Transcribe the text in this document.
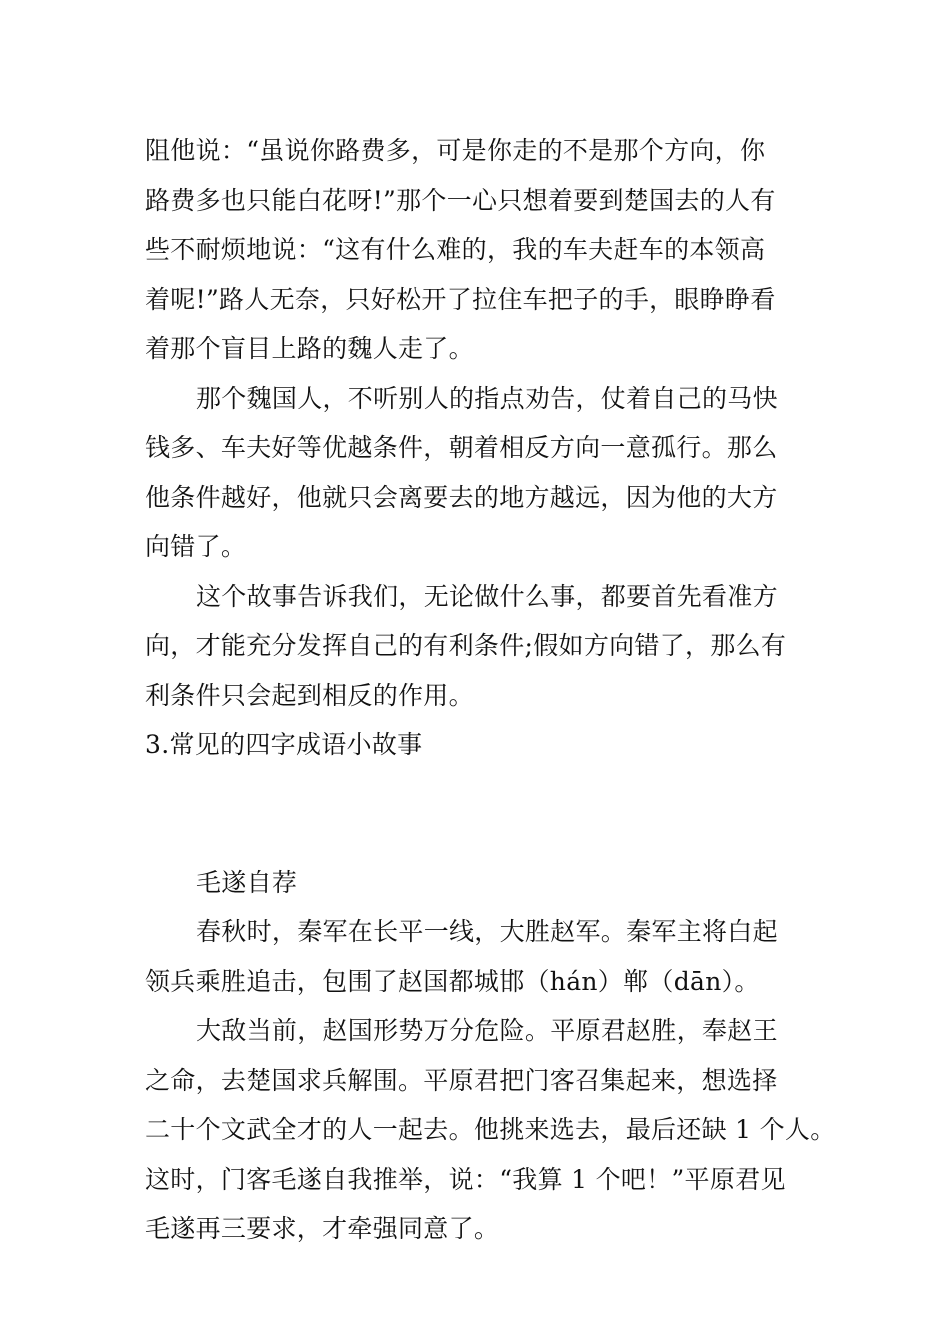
阻他说：“虽说你路费多，可是你走的不是那个方向，你
路费多也只能白花呀!”那个一心只想着要到楚国去的人有
些不耐烦地说：“这有什么难的，我的车夫赶车的本领高
着呢!”路人无奈，只好松开了拉住车把子的手，眼睁睁看
着那个盲目上路的魏人走了。
那个魏国人，不听别人的指点劝告，仗着自己的马快
钱多、车夫好等优越条件，朝着相反方向一意孤行。那么
他条件越好，他就只会离要去的地方越远，因为他的大方
向错了。
这个故事告诉我们，无论做什么事，都要首先看准方
向，才能充分发挥自己的有利条件;假如方向错了，那么有
利条件只会起到相反的作用。
3.常见的四字成语小故事
毛遂自荐
春秋时，秦军在长平一线，大胜赵军。秦军主将白起
领兵乘胜追击，包围了赵国都城邯（hán）郸（dān）。
大敌当前，赵国形势万分危险。平原君赵胜，奉赵王
之命，去楚国求兵解围。平原君把门客召集起来，想选择
二十个文武全才的人一起去。他挑来选去，最后还缺 1 个人。
这时，门客毛遂自我推举，说：“我算 1 个吧！”平原君见
毛遂再三要求，才牵强同意了。
